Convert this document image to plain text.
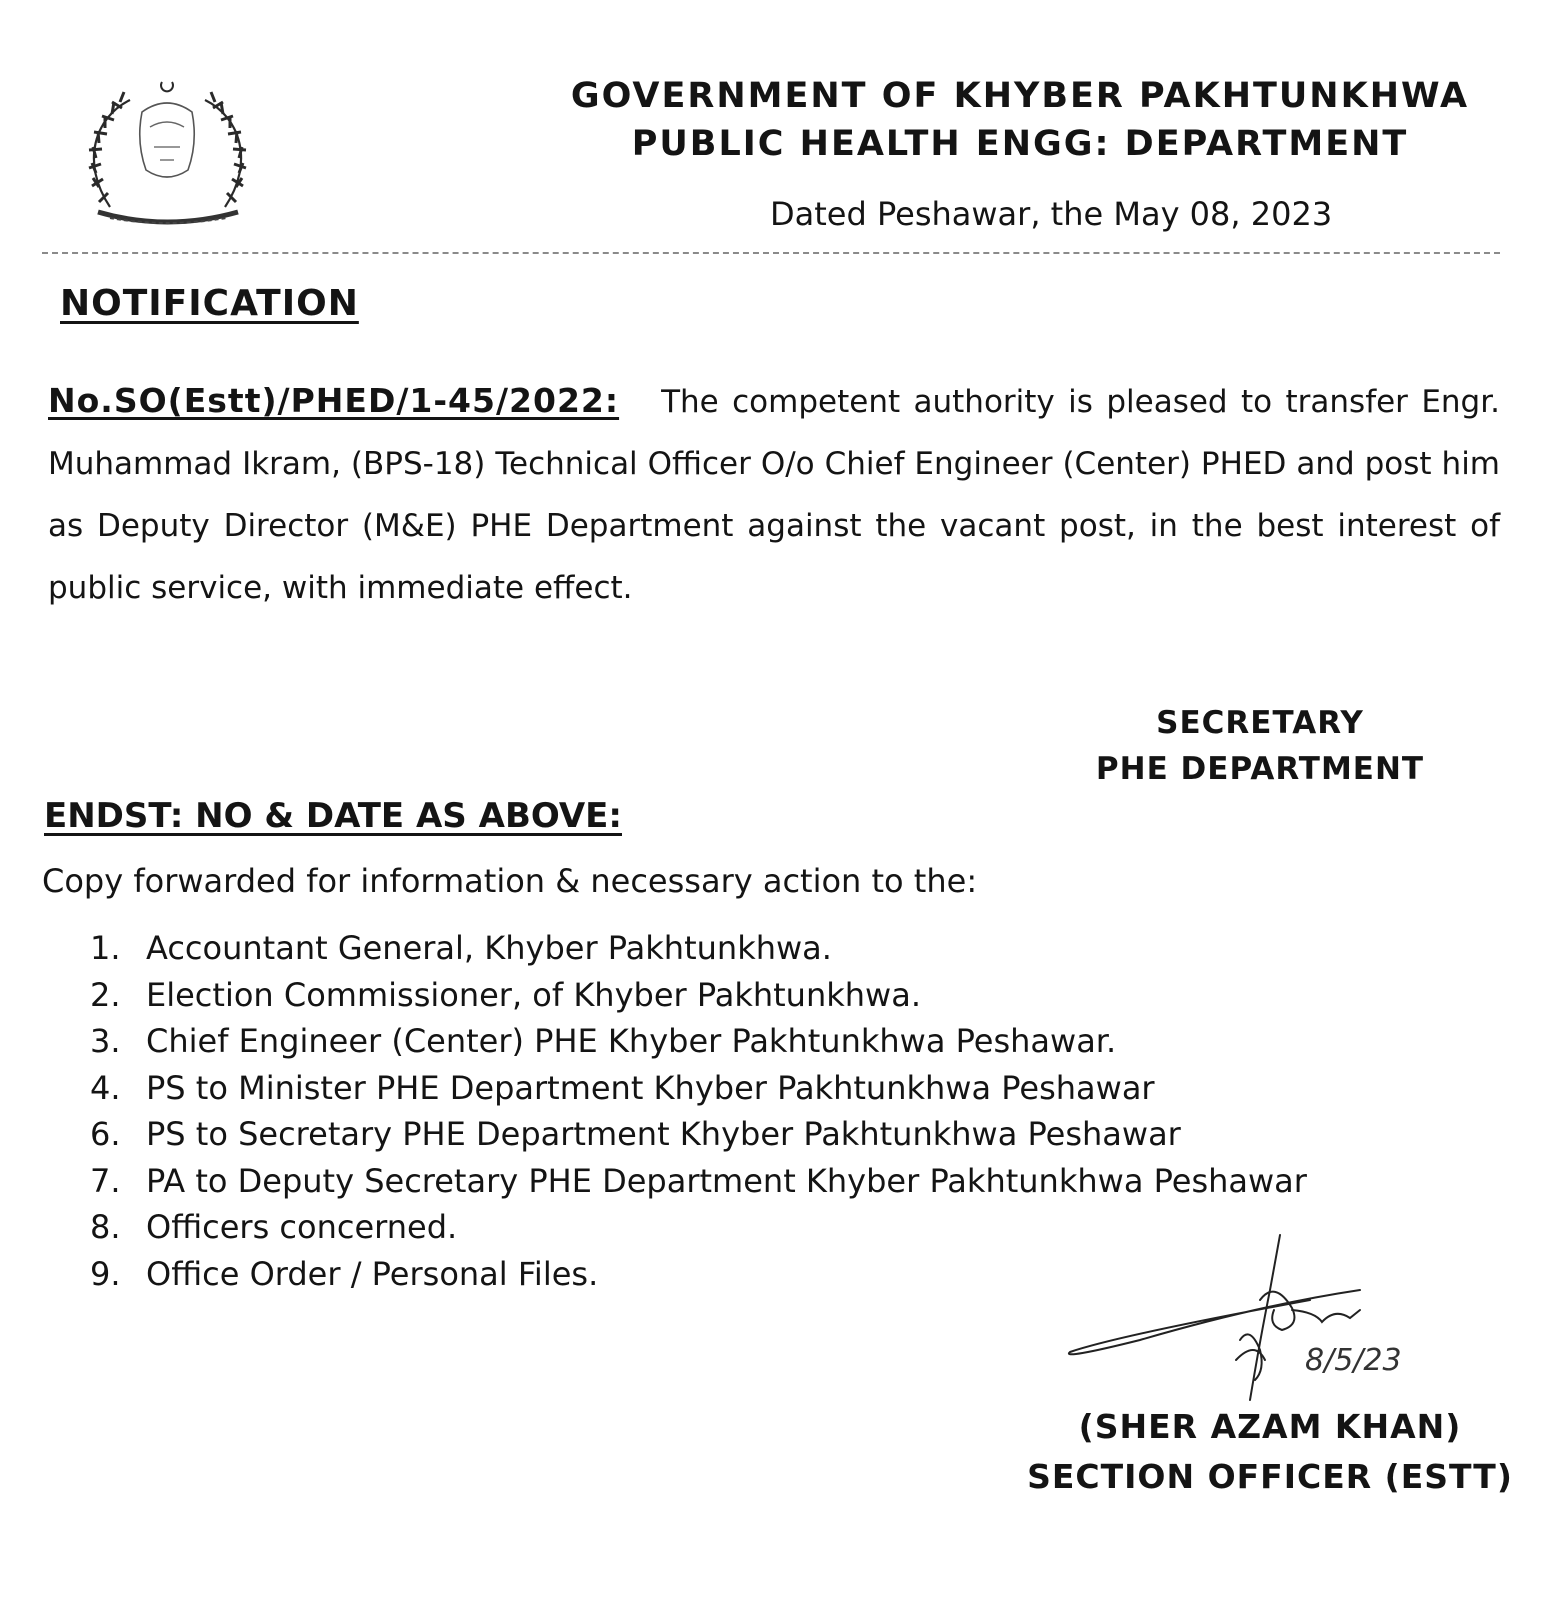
GOVERNMENT OF KHYBER PAKHTUNKHWA
PUBLIC HEALTH ENGG: DEPARTMENT
Dated Peshawar, the May 08, 2023
NOTIFICATION
No.SO(Estt)/PHED/1-45/2022: The competent authority is pleased to transfer Engr. Muhammad Ikram, (BPS-18) Technical Officer O/o Chief Engineer (Center) PHED and post him as Deputy Director (M&E) PHE Department against the vacant post, in the best interest of public service, with immediate effect.
SECRETARY
PHE DEPARTMENT
ENDST: NO & DATE AS ABOVE:
Copy forwarded for information & necessary action to the:
1. Accountant General, Khyber Pakhtunkhwa.
2. Election Commissioner, of Khyber Pakhtunkhwa.
3. Chief Engineer (Center) PHE Khyber Pakhtunkhwa Peshawar.
4. PS to Minister PHE Department Khyber Pakhtunkhwa Peshawar
6. PS to Secretary PHE Department Khyber Pakhtunkhwa Peshawar
7. PA to Deputy Secretary PHE Department Khyber Pakhtunkhwa Peshawar
8. Officers concerned.
9. Office Order / Personal Files.
8/5/23
(SHER AZAM KHAN)
SECTION OFFICER (ESTT)
